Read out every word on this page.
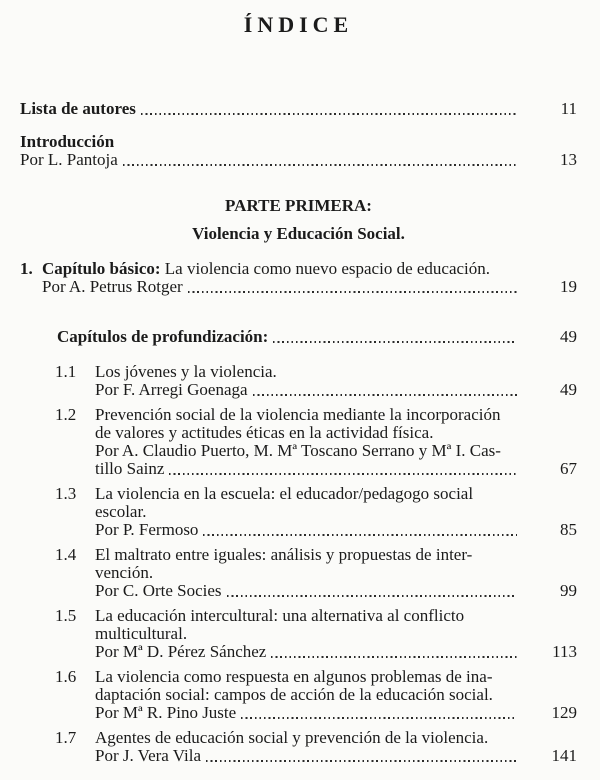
ÍNDICE
Lista de autores	11
Introducción
Por L. Pantoja	13
PARTE PRIMERA:
Violencia y Educación Social.
1. Capítulo básico: La violencia como nuevo espacio de educación.
Por A. Petrus Rotger	19
Capítulos de profundización:	49
1.1	Los jóvenes y la violencia.
Por F. Arregi Goenaga	49
1.2	Prevención social de la violencia mediante la incorporación
de valores y actitudes éticas en la actividad física.
Por A. Claudio Puerto, M. Mª Toscano Serrano y Mª I. Cas-
tillo Sainz	67
1.3	La violencia en la escuela: el educador/pedagogo social
escolar.
Por P. Fermoso	85
1.4	El maltrato entre iguales: análisis y propuestas de inter-
vención.
Por C. Orte Socies	99
1.5	La educación intercultural: una alternativa al conflicto
multicultural.
Por Mª D. Pérez Sánchez	113
1.6	La violencia como respuesta en algunos problemas de ina-
daptación social: campos de acción de la educación social.
Por Mª R. Pino Juste	129
1.7	Agentes de educación social y prevención de la violencia.
Por J. Vera Vila	141
